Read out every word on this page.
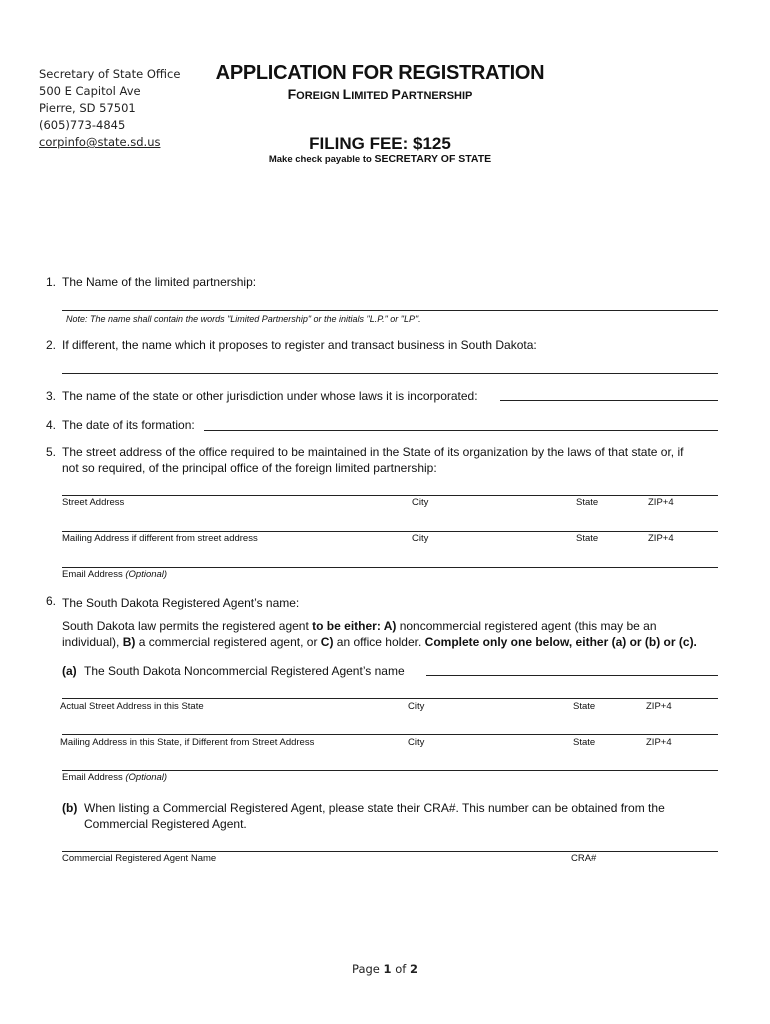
Secretary of State Office
500 E Capitol Ave
Pierre, SD 57501
(605)773-4845
corpinfo@state.sd.us
APPLICATION FOR REGISTRATION
FOREIGN LIMITED PARTNERSHIP
FILING FEE: $125
Make check payable to SECRETARY OF STATE
1. The Name of the limited partnership:
Note: The name shall contain the words "Limited Partnership" or the initials "L.P." or "LP".
2. If different, the name which it proposes to register and transact business in South Dakota:
3. The name of the state or other jurisdiction under whose laws it is incorporated:
4. The date of its formation:
5. The street address of the office required to be maintained in the State of its organization by the laws of that state or, if
not so required, of the principal office of the foreign limited partnership:
Street Address	City	State	ZIP+4
Mailing Address if different from street address	City	State	ZIP+4
Email Address (Optional)
6. The South Dakota Registered Agent’s name:
South Dakota law permits the registered agent to be either: A) noncommercial registered agent (this may be an
individual), B) a commercial registered agent, or C) an office holder. Complete only one below, either (a) or (b) or (c).
(a) The South Dakota Noncommercial Registered Agent’s name
Actual Street Address in this State	City	State	ZIP+4
Mailing Address in this State, if Different from Street Address	City	State	ZIP+4
Email Address (Optional)
(b) When listing a Commercial Registered Agent, please state their CRA#. This number can be obtained from the
Commercial Registered Agent.
Commercial Registered Agent Name	CRA#
Page 1 of 2
